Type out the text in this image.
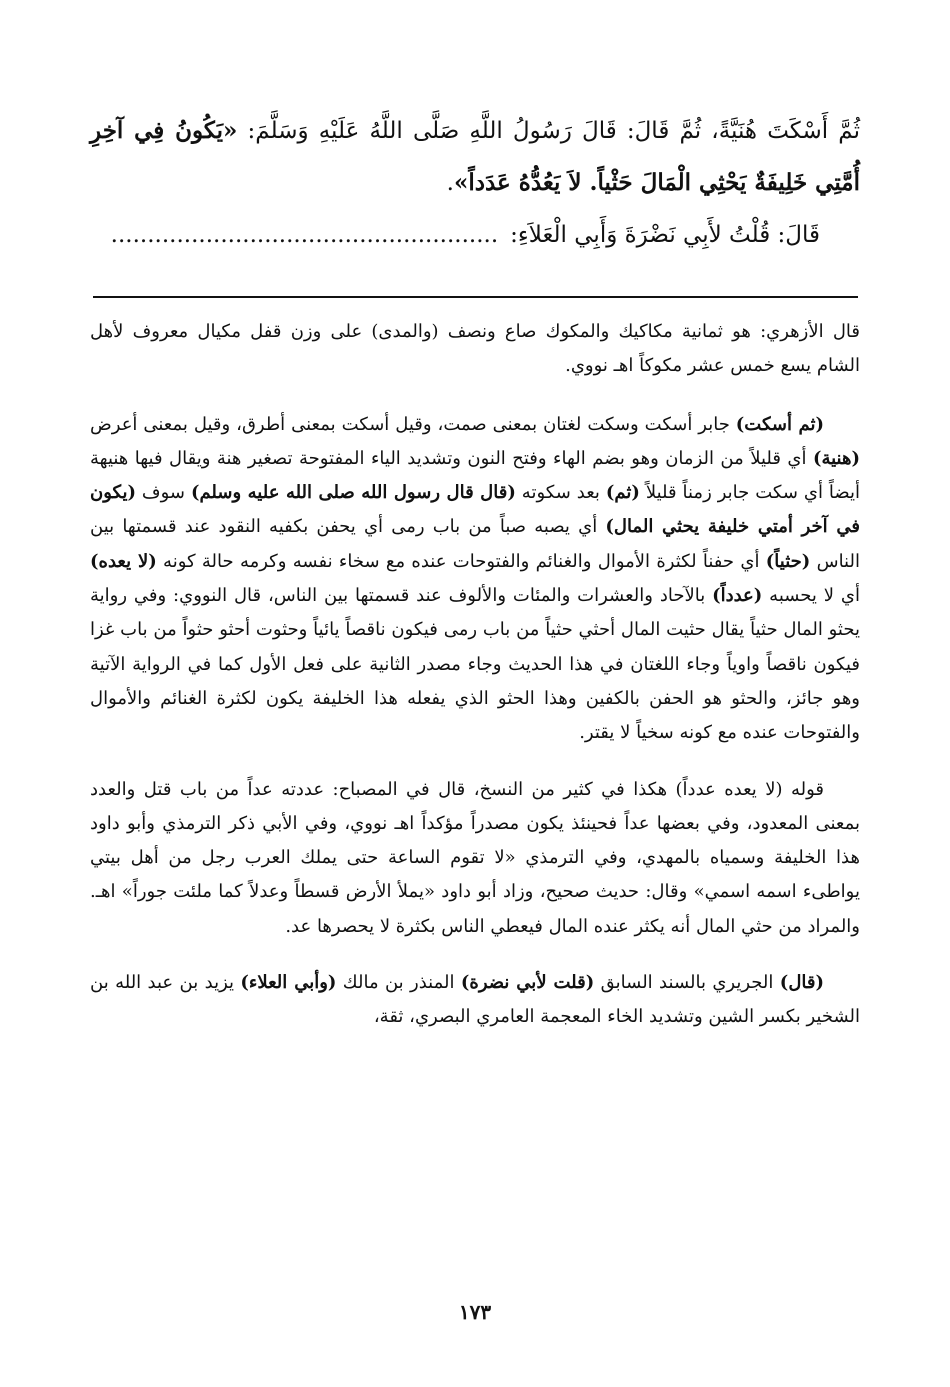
ثُمَّ أَسْكَتَ هُنَيَّةً، ثُمَّ قَالَ: قَالَ رَسُولُ اللَّهِ صَلَّى اللَّهُ عَلَيْهِ وَسَلَّمَ: «يَكُونُ فِي آخِرِ أُمَّتِي خَلِيفَةٌ يَحْثِي الْمَالَ حَثْياً. لاَ يَعُدُّهُ عَدَداً».

قَالَ: قُلْتُ لأَبِي نَضْرَةَ وَأَبِي الْعَلاَءِ:.....................................................

قال الأزهري: هو ثمانية مكاكيك والمكوك صاع ونصف (والمدى) على وزن قفل مكيال معروف لأهل الشام يسع خمس عشر مكوكاً اهـ نووي.

(ثم أسكت) جابر أسكت وسكت لغتان بمعنى صمت، وقيل أسكت بمعنى أطرق، وقيل بمعنى أعرض (هنية) أي قليلاً من الزمان وهو بضم الهاء وفتح النون وتشديد الياء المفتوحة تصغير هنة ويقال فيها هنيهة أيضاً أي سكت جابر زمناً قليلاً (ثم) بعد سكوته (قال قال رسول الله صلى الله عليه وسلم) سوف (يكون في آخر أمتي خليفة يحثي المال) أي يصبه صباً من باب رمى أي يحفن بكفيه النقود عند قسمتها بين الناس (حثياً) أي حفناً لكثرة الأموال والغنائم والفتوحات عنده مع سخاء نفسه وكرمه حالة كونه (لا يعده) أي لا يحسبه (عدداً) بالآحاد والعشرات والمئات والألوف عند قسمتها بين الناس، قال النووي: وفي رواية يحثو المال حثياً يقال حثيت المال أحثي حثياً من باب رمى فيكون ناقصاً يائياً وحثوت أحثو حثواً من باب غزا فيكون ناقصاً واوياً وجاء اللغتان في هذا الحديث وجاء مصدر الثانية على فعل الأول كما في الرواية الآتية وهو جائز، والحثو هو الحفن بالكفين وهذا الحثو الذي يفعله هذا الخليفة يكون لكثرة الغنائم والأموال والفتوحات عنده مع كونه سخياً لا يقتر.

قوله (لا يعده عدداً) هكذا في كثير من النسخ، قال في المصباح: عددته عداً من باب قتل والعدد بمعنى المعدود، وفي بعضها عداً فحينئذ يكون مصدراً مؤكداً اهـ نووي، وفي الأبي ذكر الترمذي وأبو داود هذا الخليفة وسمياه بالمهدي، وفي الترمذي «لا تقوم الساعة حتى يملك العرب رجل من أهل بيتي يواطىء اسمه اسمي» وقال: حديث صحيح، وزاد أبو داود «يملأ الأرض قسطاً وعدلاً كما ملئت جوراً» اهـ. والمراد من حثي المال أنه يكثر عنده المال فيعطي الناس بكثرة لا يحصرها عد.

(قال) الجريري بالسند السابق (قلت لأبي نضرة) المنذر بن مالك (وأبي العلاء) يزيد بن عبد الله بن الشخير بكسر الشين وتشديد الخاء المعجمة العامري البصري، ثقة،

١٧٣
